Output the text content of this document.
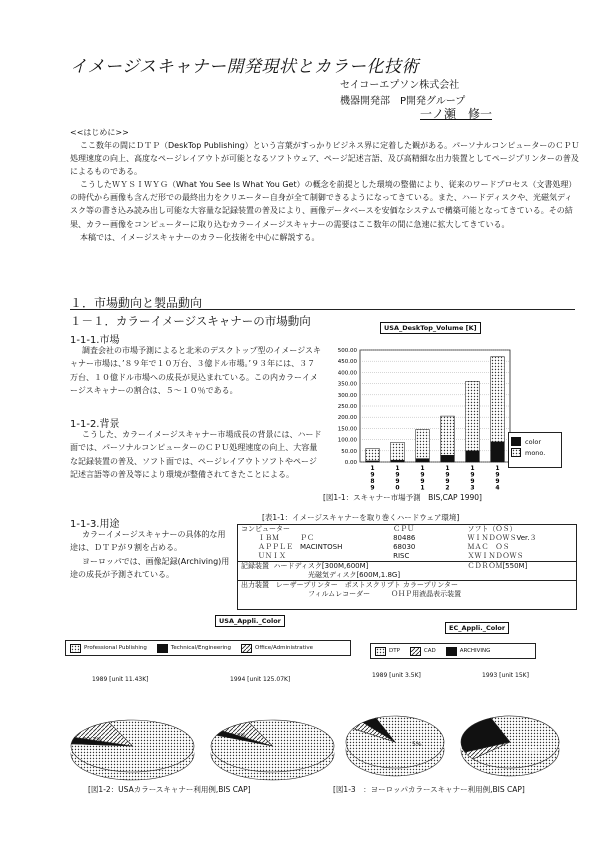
イメージスキャナー開発現状とカラー化技術
セイコーエプソン株式会社
機器開発部　P開発グループ
一ノ瀬　修一
<<はじめに>>

ここ数年の間にＤＴＰ（DeskTop Publishing）という言葉がすっかりビジネス界に定着した観がある。パーソナルコンピューターのＣＰＵ処理速度の向上、高度なページレイアウトが可能となるソフトウェア、ページ記述言語、及び高精細な出力装置としてページプリンターの普及によるものである。

こうしたＷＹＳＩＷＹＧ（What You See Is What You Get）の概念を前提とした環境の整備により、従来のワードプロセス（文書処理）の時代から画像も含んだ形での最終出力をクリエーター自身が全て制御できるようになってきている。また、ハードディスクや、光磁気ディスク等の書き込み読み出し可能な大容量な記録装置の普及により、画像データベースを安価なシステムで構築可能となってきている。その結果、カラー画像をコンピューターに取り込むカラーイメージスキャナーの需要はここ数年の間に急速に拡大してきている。

本稿では、イメージスキャナーのカラー化技術を中心に解説する。

１．市場動向と製品動向
１－１．カラーイメージスキャナーの市場動向
1-1-1.市場

調査会社の市場予測によると北米のデスクトップ型のイメージスキャナー市場は、’８９年で１０万台、３億ドル市場。’９３年には、３７万台、１０億ドル市場への成長が見込まれている。この内カラーイメージスキャナーの割合は、５～１０％である。

1-1-2.背景

こうした、カラーイメージスキャナー市場成長の背景には、ハード面では、パーソナルコンピューターのＣＰＵ処理速度の向上、大容量な記録装置の普及、ソフト面では、ページレイアウトソフトやページ記述言語等の普及等により環境が整備されてきたことによる。

1-1-3.用途

カラーイメージスキャナーの具体的な用途は、ＤＴＰが９割を占める。

ヨーロッパでは、画像記録(Archiving)用途の成長が予測されている。

USA_DeskTop_Volume [K]
500.00
450.00
400.00
350.00
300.00
250.00
200.00
150.00
100.00
50.00
0.00
1
9
8
9
1
9
9
0
1
9
9
1
1
9
9
2
1
9
9
3
1
9
9
4
color
mono.
[図1-1：スキャナー市場予測　BIS,CAP 1990]
[表1-1：イメージスキャナーを取り巻くハードウェア環境]
コンピューター	ＣＰＵ	ソフト（ＯＳ）
ＩＢＭ　　　ＰＣ	80486	ＷＩＮＤＯＷＳVer.３
ＡＰＰＬＥ　MACINTOSH	68030	ＭＡＣ　ＯＳ
ＵＮＩＸ	RISC	ＸＷＩＮＤＯＷＳ
記録装置 ハードディスク[300M,600M]		ＣＤＲＯＭ[550M]
光磁気ディスク[600M,1.8G]		
出力装置 レーザープリンター　ポストスクリプト カラープリンター		
フィルムレコーダー　　　ＯＨＰ用液晶表示装置		
USA_Appli._Color
Professional Publishing	Technical/Engineering	Office/Administrative
1989 [unit 11.43K]	1994 [unit 125.07K]
82.7%
88.2%
[図1-2：USAカラースキャナー利用例,BIS CAP]
EC_Appli._Color
DTP	CAD	ARCHIVING
1989 [unit 3.5K]	1993 [unit 15K]
5%
25%
[図1-3　：ヨーロッパカラースキャナー利用例,BIS CAP]
